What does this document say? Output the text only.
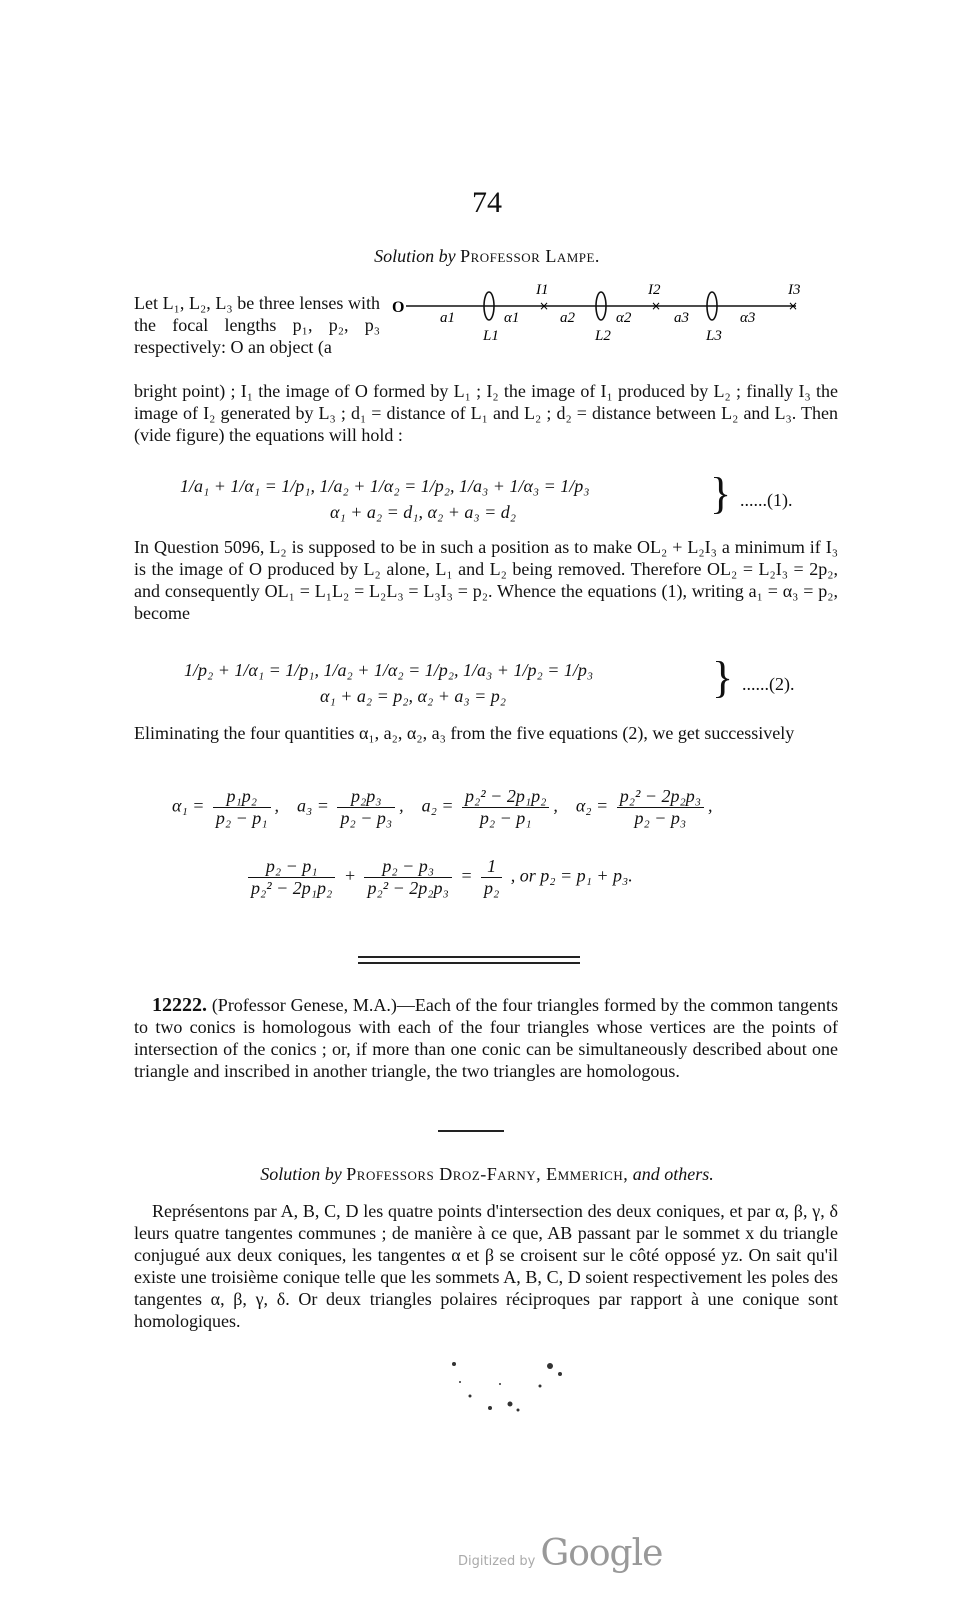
74
Solution by Professor Lampe.
Let L₁, L₂, L₃ be three lenses with the focal lengths p₁, p₂, p₃ respectively: O an object (a
O	×	×	×
L1	L2	L3
I1	I2	I3
a1	α1	a2	α2	a3	α3
bright point) ; I₁ the image of O formed by L₁ ; I₂ the image of I₁ produced by L₂ ; finally I₃ the image of I₂ generated by L₃ ; d₁ = distance of L₁ and L₂ ; d₂ = distance between L₂ and L₃. Then (vide figure) the equations will hold :
1/a₁ + 1/α₁ = 1/p₁, 1/a₂ + 1/α₂ = 1/p₂, 1/a₃ + 1/α₃ = 1/p₃
α₁ + a₂ = d₁, α₂ + a₃ = d₂	} ......(1).
In Question 5096, L₂ is supposed to be in such a position as to make OL₂ + L₂I₃ a minimum if I₃ is the image of O produced by L₂ alone, L₁ and L₂ being removed. Therefore OL₂ = L₂I₃ = 2p₂, and consequently OL₁ = L₁L₂ = L₂L₃ = L₃I₃ = p₂. Whence the equations (1), writing a₁ = α₃ = p₂, become
1/p₂ + 1/α₁ = 1/p₁, 1/a₂ + 1/α₂ = 1/p₂, 1/a₃ + 1/p₂ = 1/p₃
α₁ + a₂ = p₂, α₂ + a₃ = p₂	} ......(2).
Eliminating the four quantities α₁, a₂, α₂, a₃ from the five equations (2), we get successively
$\alpha_1 = \frac{\text{p₁p₂}}{\text{p₂ − p₁}}$ ,    $a_3 = \frac{\text{p₂p₃}}{\text{p₂ − p₃}}$ ,    $a_2 = \frac{\text{p₂² − 2p₁p₂}}{\text{p₂ − p₁}}$ ,    $\alpha_2 = \frac{\text{p₂² − 2p₂p₃}}{\text{p₂ − p₃}}$ ,
$\frac{\text{p₂ − p₁}}{\text{p₂² − 2p₁p₂}} + \frac{\text{p₂ − p₃}}{\text{p₂² − 2p₂p₃}} = \frac{1}{\text{p₂}}$ , or p₂ = p₁ + p₃.
12222. (Professor Genese, M.A.)—Each of the four triangles formed by the common tangents to two conics is homologous with each of the four triangles whose vertices are the points of intersection of the conics ; or, if more than one conic can be simultaneously described about one triangle and inscribed in another triangle, the two triangles are homologous.
Solution by Professors Droz-Farny, Emmerich, and others.
Représentons par A, B, C, D les quatre points d'intersection des deux coniques, et par α, β, γ, δ leurs quatre tangentes communes ; de manière à ce que, AB passant par le sommet x du triangle conjugué aux deux coniques, les tangentes α et β se croisent sur le côté opposé yz. On sait qu'il existe une troisième conique telle que les sommets A, B, C, D soient respectivement les poles des tangentes α, β, γ, δ. Or deux triangles polaires réciproques par rapport à une conique sont homologiques.
Digitized by Google
